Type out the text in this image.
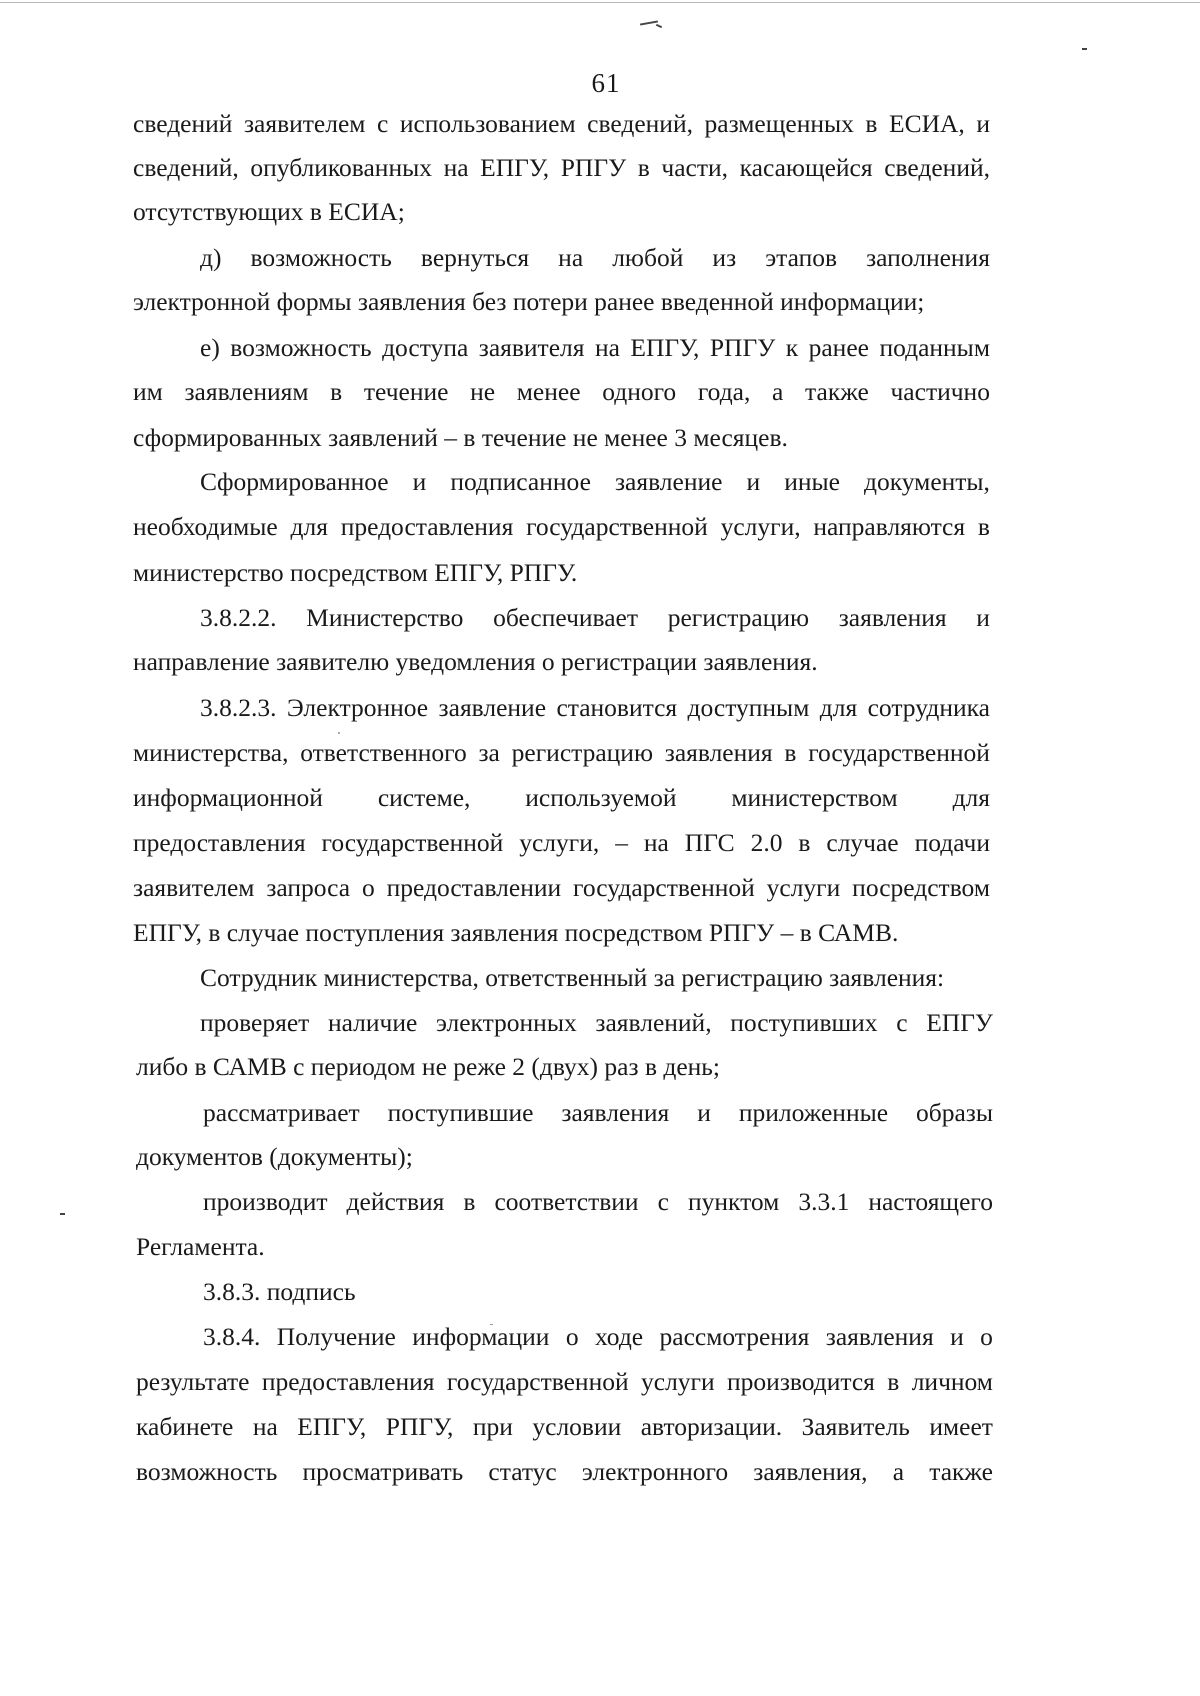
61
сведений заявителем с использованием сведений, размещенных в ЕСИА, и
сведений, опубликованных на ЕПГУ, РПГУ в части, касающейся сведений,
отсутствующих в ЕСИА;
д) возможность вернуться на любой из этапов заполнения
электронной формы заявления без потери ранее введенной информации;
е) возможность доступа заявителя на ЕПГУ, РПГУ к ранее поданным
им заявлениям в течение не менее одного года, а также частично
сформированных заявлений – в течение не менее 3 месяцев.
Сформированное и подписанное заявление и иные документы,
необходимые для предоставления государственной услуги, направляются в
министерство посредством ЕПГУ, РПГУ.
3.8.2.2. Министерство обеспечивает регистрацию заявления и
направление заявителю уведомления о регистрации заявления.
3.8.2.3. Электронное заявление становится доступным для сотрудника
министерства, ответственного за регистрацию заявления в государственной
информационной системе, используемой министерством для
предоставления государственной услуги, – на ПГС 2.0 в случае подачи
заявителем запроса о предоставлении государственной услуги посредством
ЕПГУ, в случае поступления заявления посредством РПГУ – в САМВ.
Сотрудник министерства, ответственный за регистрацию заявления:
проверяет наличие электронных заявлений, поступивших с ЕПГУ
либо в САМВ с периодом не реже 2 (двух) раз в день;
рассматривает поступившие заявления и приложенные образы
документов (документы);
производит действия в соответствии с пунктом 3.3.1 настоящего
Регламента.
3.8.3. подпись
3.8.4. Получение информации о ходе рассмотрения заявления и о
результате предоставления государственной услуги производится в личном
кабинете на ЕПГУ, РПГУ, при условии авторизации. Заявитель имеет
возможность просматривать статус электронного заявления, а также
